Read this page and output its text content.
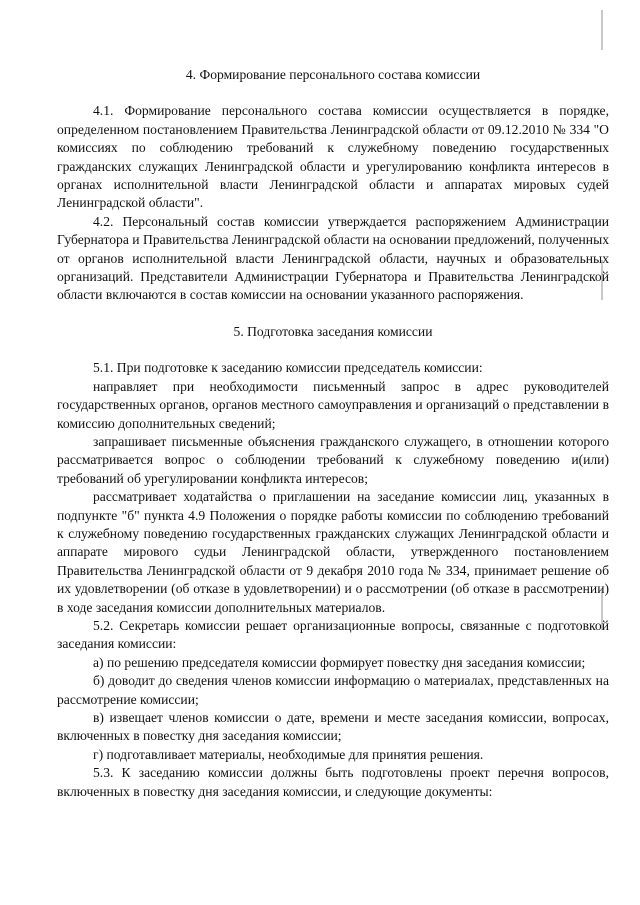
4. Формирование персонального состава комиссии

4.1. Формирование персонального состава комиссии осуществляется в порядке, определенном постановлением Правительства Ленинградской области от 09.12.2010 № 334 "О комиссиях по соблюдению требований к служебному поведению государственных гражданских служащих Ленинградской области и урегулированию конфликта интересов в органах исполнительной власти Ленинградской области и аппаратах мировых судей Ленинградской области".

4.2. Персональный состав комиссии утверждается распоряжением Администрации Губернатора и Правительства Ленинградской области на основании предложений, полученных от органов исполнительной власти Ленинградской области, научных и образовательных организаций. Представители Администрации Губернатора и Правительства Ленинградской области включаются в состав комиссии на основании указанного распоряжения.

5. Подготовка заседания комиссии

5.1. При подготовке к заседанию комиссии председатель комиссии:

направляет при необходимости письменный запрос в адрес руководителей государственных органов, органов местного самоуправления и организаций о представлении в комиссию дополнительных сведений;

запрашивает письменные объяснения гражданского служащего, в отношении которого рассматривается вопрос о соблюдении требований к служебному поведению и(или) требований об урегулировании конфликта интересов;

рассматривает ходатайства о приглашении на заседание комиссии лиц, указанных в подпункте "б" пункта 4.9 Положения о порядке работы комиссии по соблюдению требований к служебному поведению государственных гражданских служащих Ленинградской области и аппарате мирового судьи Ленинградской области, утвержденного постановлением Правительства Ленинградской области от 9 декабря 2010 года № 334, принимает решение об их удовлетворении (об отказе в удовлетворении) и о рассмотрении (об отказе в рассмотрении) в ходе заседания комиссии дополнительных материалов.

5.2. Секретарь комиссии решает организационные вопросы, связанные с подготовкой заседания комиссии:

а) по решению председателя комиссии формирует повестку дня заседания комиссии;

б) доводит до сведения членов комиссии информацию о материалах, представленных на рассмотрение комиссии;

в) извещает членов комиссии о дате, времени и месте заседания комиссии, вопросах, включенных в повестку дня заседания комиссии;

г) подготавливает материалы, необходимые для принятия решения.

5.3. К заседанию комиссии должны быть подготовлены проект перечня вопросов, включенных в повестку дня заседания комиссии, и следующие документы:
